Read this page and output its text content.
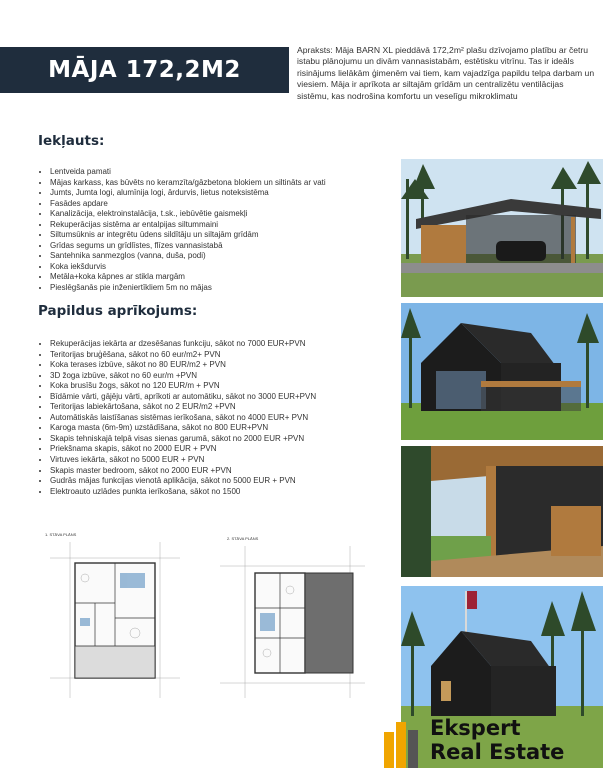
MĀJA 172,2M2

Apraksts: Māja BARN XL pieddāvā 172,2m² plašu dzīvojamo platību ar četru istabu plānojumu un divām vannasistabām, estētisku vitrīnu. Tas ir ideāls risinājums lielākām ģimenēm vai tiem, kam vajadzīga papildu telpa darbam un viesiem. Māja ir aprīkota ar siltajām grīdām un centralizētu ventilācijas sistēmu, kas nodrošina komfortu un veselīgu mikroklimatu

Iekļauts:
• Lentveida pamati
• Mājas karkass, kas būvēts no keramzīta/gāzbetona blokiem un siltināts ar vati
• Jumts, Jumta logi, alumīnija logi, ārdurvis, lietus noteksistēma
• Fasādes apdare
• Kanalizācija, elektroinstalācija, t.sk., iebūvētie gaismekļi
• Rekuperācijas sistēma ar entalpijas siltummaini
• Siltumsūknis ar integrētu ūdens sildītāju un siltajām grīdām
• Grīdas segums un grīdlīstes, flīzes vannasistabā
• Santehnika sanmezglos (vanna, duša, podi)
• Koka iekšdurvis
• Metāla+koka kāpnes ar stikla margām
• Pieslēgšanās pie inženiertīkliem 5m no mājas
Papildus aprīkojums:
• Rekuperācijas iekārta ar dzesēšanas funkciju, sākot no 7000 EUR+PVN
• Teritorijas bruģēšana, sākot no 60 eur/m2+ PVN
• Koka terases izbūve, sākot no 80 EUR/m2 + PVN
• 3D žoga izbūve, sākot no 60 eur/m +PVN
• Koka brusīšu žogs, sākot no 120 EUR/m + PVN
• Bīdāmie vārti, gājēju vārti, aprīkoti ar automātiku, sākot no 3000 EUR+PVN
• Teritorijas labiekārtošana, sākot no 2 EUR/m2 +PVN
• Automātiskās laistīšanas sistēmas ierīkošana, sākot no 4000 EUR+ PVN
• Karoga masta (6m-9m) uzstādīšana, sākot no 800 EUR+PVN
• Skapis tehniskajā telpā visas sienas garumā, sākot no 2000 EUR +PVN
• Priekšnama skapis, sākot no 2000 EUR + PVN
• Virtuves iekārta, sākot no 5000 EUR + PVN
• Skapis master bedroom, sākot no 2000 EUR +PVN
• Gudrās mājas funkcijas vienotā aplikācija, sākot no 5000 EUR + PVN
• Elektroauto uzlādes punkta ierīkošana, sākot no 1500
1. STĀVA PLĀNS
2. STĀVA PLĀNS
Ekspert
Real Estate
